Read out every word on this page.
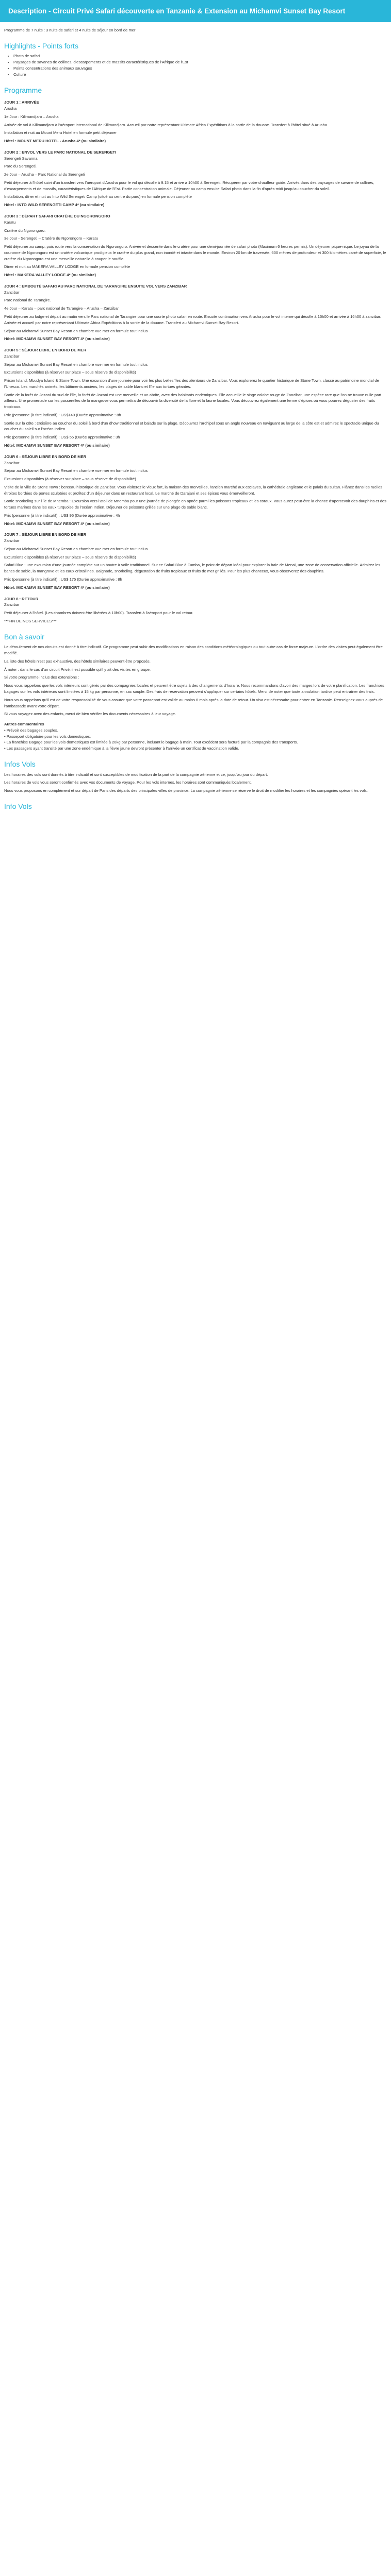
Description - Circuit Privé Safari découverte en Tanzanie & Extension au Michamvi Sunset Bay Resort
Programme de 7 nuits : 3 nuits de safari et 4 nuits de séjour en bord de mer
Highlights - Points forts
• Photo de safari
• Paysages de savanes de collines, d'escarpements et de massifs caractéristiques de l'Afrique de l'Est
• Points concentrations des animaux sauvages
• Culture
Programme
JOUR 1 : ARRIVÉE
Arusha
1e Jour : Kilimandjaro – Arusha
Arrivée de vol à Kilimandjaro à l'aéroport international de Kilimandjaro. Accueil par notre représentant Ultimate Africa Expéditions à la sortie de la douane. Transfert à l'hôtel situé à Arusha.
Installation et nuit au Mount Meru Hotel en formule petit déjeuner
Hôtel : MOUNT MERU HOTEL - Arusha 4* (ou similaire)
JOUR 2 : ENVOL VERS LE PARC NATIONAL DE SERENGETI
Serengeti Savanna
Parc du Serengeti.
2e Jour – Arusha – Parc National du Serengeti
Petit déjeuner à l'hôtel suivi d'un transfert vers l'aéroport d'Arusha pour le vol qui décolle à 9.15 et arrive à 10h00 à Serengeti. Récupérer par votre chauffeur guide. Arrivés dans des paysages de savane de collines, d'escarpements et de massifs, caractéristiques de l'Afrique de l'Est. Partie concentration animale. Déjeuner au camp ensuite Safari photo dans la fin d'après-midi jusqu'au coucher du soleil.
Installation, dîner et nuit au Into Wild Serengeti Camp (situé au centre du parc) en formule pension complète
Hôtel : INTO WILD SERENGETI CAMP 4* (ou similaire)
JOUR 3 : DÉPART SAFARI CRATÈRE DU NGORONGORO
Karatu
Cratère du Ngorongoro.
3e Jour - Serengeti – Cratère du Ngorongoro – Karatu
Petit déjeuner au camp, puis route vers la conservation du Ngorongoro. Arrivée et descente dans le cratère pour une demi-journée de safari photo (Maximum 6 heures permis). Un déjeuner pique-nique. Le joyau de la couronne de Ngorongoro est un cratère volcanique prodigieux le cratère du plus grand, non inondé et intacte dans le monde. Environ 20 km de traversée, 600 mètres de profondeur et 300 kilomètres carré de superficie, le cratère du Ngorongoro est une merveille naturelle à couper le souffle.
Dîner et nuit au MAKERA VALLEY LODGE en formule pension complète
Hôtel : MAKERA VALLEY LODGE 4* (ou similaire)
JOUR 4 : EMBOUTÉ SAFARI AU PARC NATIONAL DE TARANGIRE ENSUITE VOL VERS ZANZIBAR
Zanzibar
Parc national de Tarangire.
4e Jour – Karatu – parc national de Tarangire – Arusha – Zanzibar
Petit déjeuner au lodge et départ au matin vers le Parc national de Tarangire pour une courte photo safari en route. Ensuite continuation vers Arusha pour le vol interne qui décolle à 15h00 et arrivée à 16h00 à zanzibar. Arrivée et accueil par notre représentant Ultimate Africa Expéditions à la sortie de la douane. Transfert au Michamvi Sunset Bay Resort.
Séjour au Michamvi Sunset Bay Resort en chambre vue mer en formule tout inclus
Hôtel: MICHAMVI SUNSET BAY RESORT 4* (ou similaire)
JOUR 5 : SÉJOUR LIBRE EN BORD DE MER
Zanzibar
Séjour au Michamvi Sunset Bay Resort en chambre vue mer en formule tout inclus
Excursions disponibles (à réserver sur place – sous réserve de disponibilité)
Prison Island, Mbudya Island & Stone Town. Une excursion d'une journée pour voir les plus belles îles des alentours de Zanzibar. Vous explorerez le quartier historique de Stone Town, classé au patrimoine mondial de l'Unesco. Les marchés animés, les bâtiments anciens, les plages de sable blanc et l'île aux tortues géantes.
Sortie de la forêt de Jozani du sud de l'île, la forêt de Jozani est une merveille et un abrite, avec des habitants endémiques. Elle accueille le singe colobe rouge de Zanzibar, une espèce rare que l'on ne trouve nulle part ailleurs. Une promenade sur les passerelles de la mangrove vous permettra de découvrir la diversité de la flore et la faune locales. Vous découvrez également une ferme d'épices où vous pourrez déguster des fruits tropicaux.
Prix (personne (à titre indicatif) : US$140 (Durée approximative : 8h
Sortie sur la côte : croisière au coucher du soleil à bord d'un dhow traditionnel et balade sur la plage. Découvrez l'archipel sous un angle nouveau en naviguant au large de la côte est et admirez le spectacle unique du coucher du soleil sur l'océan Indien.
Prix (personne (à titre indicatif) : US$ 55 (Durée approximative : 3h
Hôtel: MICHAMVI SUNSET BAY RESORT 4* (ou similaire)
JOUR 6 : SÉJOUR LIBRE EN BORD DE MER
Zanzibar
Séjour au Michamvi Sunset Bay Resort en chambre vue mer en formule tout inclus
Excursions disponibles (à réserver sur place – sous réserve de disponibilité)
Visite de la ville de Stone Town : berceau historique de Zanzibar. Vous visiterez le vieux fort, la maison des merveilles, l'ancien marché aux esclaves, la cathédrale anglicane et le palais du sultan. Flânez dans les ruelles étroites bordées de portes sculptées et profitez d'un déjeuner dans un restaurant local. Le marché de Darajani et ses épices vous émerveilleront.
Sortie snorkeling sur l'île de Mnemba : Excursion vers l'atoll de Mnemba pour une journée de plongée en apnée parmi les poissons tropicaux et les coraux. Vous aurez peut-être la chance d'apercevoir des dauphins et des tortues marines dans les eaux turquoise de l'océan Indien. Déjeuner de poissons grillés sur une plage de sable blanc.
Prix (personne (à titre indicatif) : US$ 95 (Durée approximative : 4h
Hôtel: MICHAMVI SUNSET BAY RESORT 4* (ou similaire)
JOUR 7 : SÉJOUR LIBRE EN BORD DE MER
Zanzibar
Séjour au Michamvi Sunset Bay Resort en chambre vue mer en formule tout inclus
Excursions disponibles (à réserver sur place – sous réserve de disponibilité)
Safari Blue : une excursion d'une journée complète sur un boutre à voile traditionnel. Sur ce Safari Blue à Fumba, le point de départ idéal pour explorer la baie de Menai, une zone de conservation officielle. Admirez les bancs de sable, la mangrove et les eaux cristallines. Baignade, snorkeling, dégustation de fruits tropicaux et fruits de mer grillés. Pour les plus chanceux, vous observerez des dauphins.
Prix (personne (à titre indicatif) : US$ 175 (Durée approximative : 8h
Hôtel: MICHAMVI SUNSET BAY RESORT 4* (ou similaire)
JOUR 8 : RETOUR
Zanzibar
Petit déjeuner à l'hôtel. (Les chambres doivent être libérées à 10h00). Transfert à l'aéroport pour le vol retour.
***FIN DE NOS SERVICES***
Bon à savoir
Le déroulement de nos circuits est donné à titre indicatif. Ce programme peut subir des modifications en raison des conditions météorologiques ou tout autre cas de force majeure. L'ordre des visites peut également être modifié.
La liste des hôtels n'est pas exhaustive, des hôtels similaires peuvent être proposés.
À noter : dans le cas d'un circuit Privé, il est possible qu'il y ait des visites en groupe.
Si votre programme inclus des extensions :
Nous vous rappelons que les vols intérieurs sont gérés par des compagnies locales et peuvent être sujets à des changements d'horaire. Nous recommandons d'avoir des marges lors de votre planification. Les franchises bagages sur les vols intérieurs sont limitées à 15 kg par personne, en sac souple. Des frais de réservation peuvent s'appliquer sur certains hôtels. Merci de noter que toute annulation tardive peut entraîner des frais.
Nous vous rappelons qu'il est de votre responsabilité de vous assurer que votre passeport est valide au moins 6 mois après la date de retour. Un visa est nécessaire pour entrer en Tanzanie. Renseignez-vous auprès de l'ambassade avant votre départ.
Si vous voyagez avec des enfants, merci de bien vérifier les documents nécessaires à leur voyage.
Autres commentaires
• Prévoir des bagages souples.
• Passeport obligatoire pour les vols domestiques.
• La franchise Bagage pour les vols domestiques est limitée à 20kg par personne, incluant le bagage à main. Tout excédent sera facturé par la compagnie des transports.
• Les passagers ayant transité par une zone endémique à la fièvre jaune devront présenter à l'arrivée un certificat de vaccination valide.
Infos Vols
Les horaires des vols sont donnés à titre indicatif et sont susceptibles de modification de la part de la compagnie aérienne et ce, jusqu'au jour du départ.
Les horaires de vols vous seront confirmés avec vos documents de voyage. Pour les vols internes, les horaires sont communiqués localement.
Nous vous proposons en complément et sur départ de Paris des départs des principales villes de province. La compagnie aérienne se réserve le droit de modifier les horaires et les compagnies opérant les vols.
Info Vols
